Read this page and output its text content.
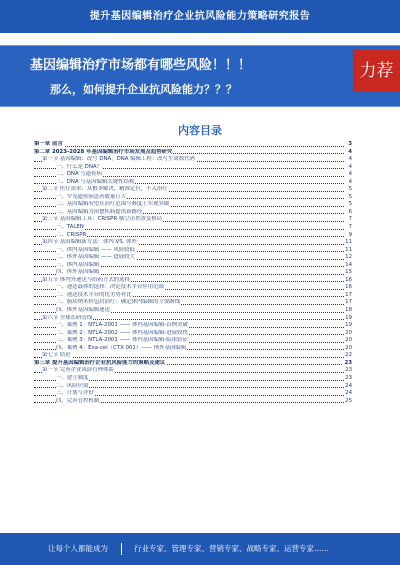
提升基因编辑治疗企业抗风险能力策略研究报告
基因编辑治疗市场都有哪些风险！！！
那么，如何提升企业抗风险能力？？？
力荐
内容目录
第一章 前言	3
第二章 2023-2028 年基因编辑治疗市场发展及趋势研究	4
第一节 基因编辑：改写 DNA，DNA 编辑工程：改写生命源代码	4
一、什么是 DNA？	4
二、DNA 与遗传病	4
三、DNA 与基因编辑关键性结构	4
第二节 医疗需求：从根本解决，精准定位，不入治疗	5
一、罕见遗传病患者数量巨大	5
二、基因编辑有望在治疗范围与难度上实现突破	5
三、基因编辑为治愈疾病提供新路径	6
第三节 基因编辑工具：CRISPR 横空出世改变格局	7
一、TALEN	7
二、CRISPR	9
第四节 基因编辑新方法：体内 VS. 体外	11
一、体内基因编辑 —— 风险较低	11
二、体外基因编辑 —— 进展较大	12
三、体内基因编辑	14
四、体外基因编辑	15
第五节 体内外递送与给药方式的选择	16
一、递送载体的选择：决定技术平台应用范围	16
二、递送技术平台的优劣势对比	17
三、脂质纳米粒包封治疗：确定体内编辑的主要路线	17
四、体外基因编辑递送	18
第六节 全球在研管线	19
一、案例 1：NTLA-2001 —— 体内基因编辑-首例突破	19
二、案例 2：NTLA-2002 —— 体内基因编辑-进展较快	20
三、案例 3：NTLA-2001 —— 体内基因编辑-临床验证	20
四、案例 4：Exa-cel（CTX 001）—— 体外基因编辑	20
第七节 结论	22
第三章 提升基因编辑治疗企业抗风险能力的策略及建议	23
第一节 完善企业风险管理体系	23
一、建立制度	23
二、风险识别	24
三、计划与评价	24
四、完善管控机制	25
让每个人都能成为	行业专家、管理专家、营销专家、战略专家、运营专家……
